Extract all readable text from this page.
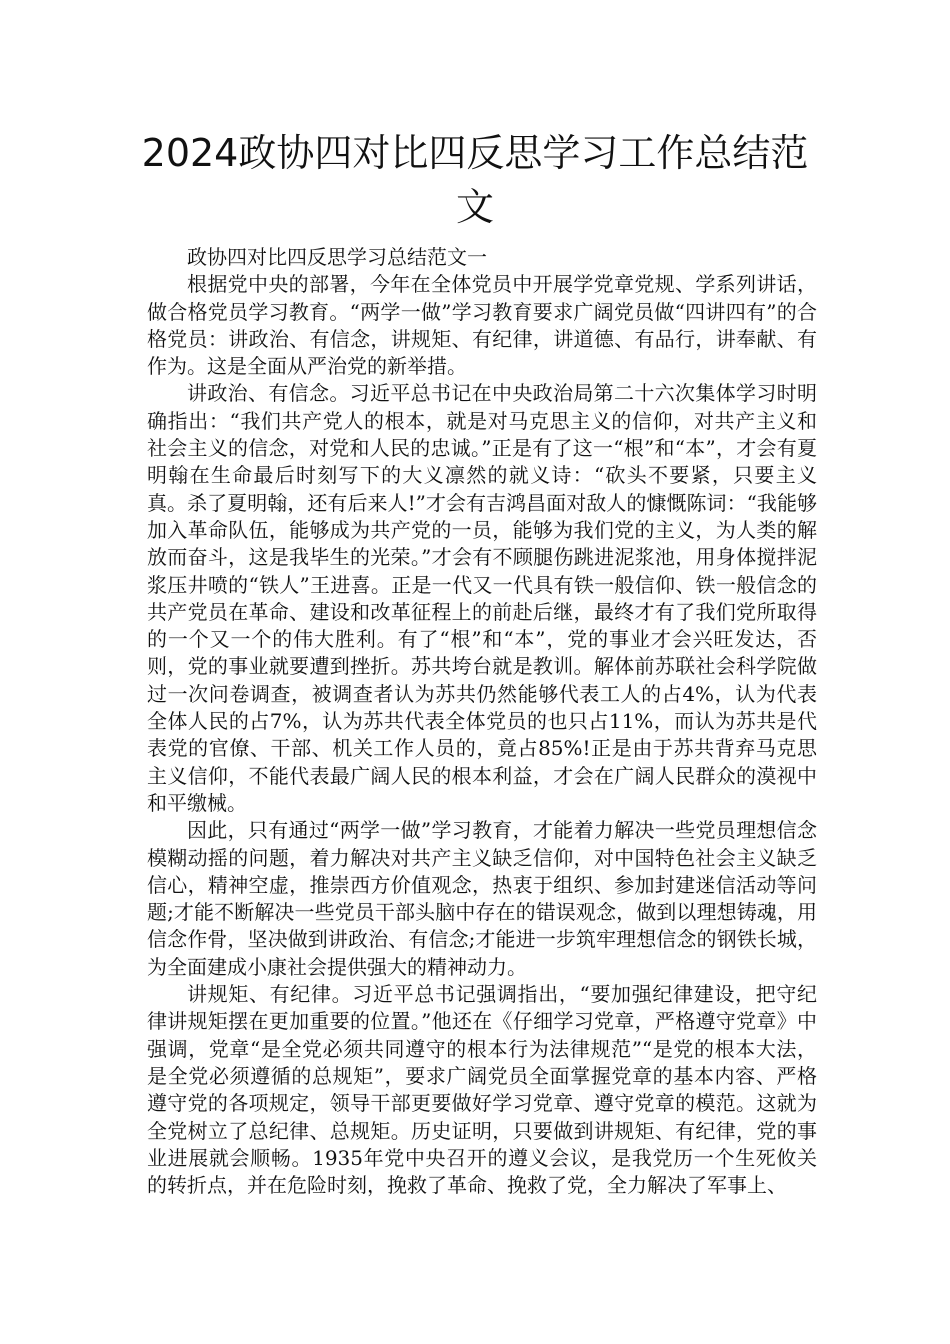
2024政协四对比四反思学习工作总结范文

政协四对比四反思学习总结范文一

根据党中央的部署，今年在全体党员中开展学党章党规、学系列讲话，做合格党员学习教育。“两学一做”学习教育要求广阔党员做“四讲四有”的合格党员：讲政治、有信念，讲规矩、有纪律，讲道德、有品行，讲奉献、有作为。这是全面从严治党的新举措。

讲政治、有信念。习近平总书记在中央政治局第二十六次集体学习时明确指出：“我们共产党人的根本，就是对马克思主义的信仰，对共产主义和社会主义的信念，对党和人民的忠诚。”正是有了这一“根”和“本”，才会有夏明翰在生命最后时刻写下的大义凛然的就义诗：“砍头不要紧，只要主义真。杀了夏明翰，还有后来人!”才会有吉鸿昌面对敌人的慷慨陈词：“我能够加入革命队伍，能够成为共产党的一员，能够为我们党的主义，为人类的解放而奋斗，这是我毕生的光荣。”才会有不顾腿伤跳进泥浆池，用身体搅拌泥浆压井喷的“铁人”王进喜。正是一代又一代具有铁一般信仰、铁一般信念的共产党员在革命、建设和改革征程上的前赴后继，最终才有了我们党所取得的一个又一个的伟大胜利。有了“根”和“本”，党的事业才会兴旺发达，否则，党的事业就要遭到挫折。苏共垮台就是教训。解体前苏联社会科学院做过一次问卷调查，被调查者认为苏共仍然能够代表工人的占4%，认为代表全体人民的占7%，认为苏共代表全体党员的也只占11%，而认为苏共是代表党的官僚、干部、机关工作人员的，竟占85%!正是由于苏共背弃马克思主义信仰，不能代表最广阔人民的根本利益，才会在广阔人民群众的漠视中和平缴械。

因此，只有通过“两学一做”学习教育，才能着力解决一些党员理想信念模糊动摇的问题，着力解决对共产主义缺乏信仰，对中国特色社会主义缺乏信心，精神空虚，推崇西方价值观念，热衷于组织、参加封建迷信活动等问题;才能不断解决一些党员干部头脑中存在的错误观念，做到以理想铸魂，用信念作骨，坚决做到讲政治、有信念;才能进一步筑牢理想信念的钢铁长城，为全面建成小康社会提供强大的精神动力。

讲规矩、有纪律。习近平总书记强调指出，“要加强纪律建设，把守纪律讲规矩摆在更加重要的位置。”他还在《仔细学习党章，严格遵守党章》中强调，党章“是全党必须共同遵守的根本行为法律规范”“是党的根本大法，是全党必须遵循的总规矩”，要求广阔党员全面掌握党章的基本内容、严格遵守党的各项规定，领导干部更要做好学习党章、遵守党章的模范。这就为全党树立了总纪律、总规矩。历史证明，只要做到讲规矩、有纪律，党的事业进展就会顺畅。1935年党中央召开的遵义会议，是我党历一个生死攸关的转折点，并在危险时刻，挽救了革命、挽救了党，全力解决了军事上、
